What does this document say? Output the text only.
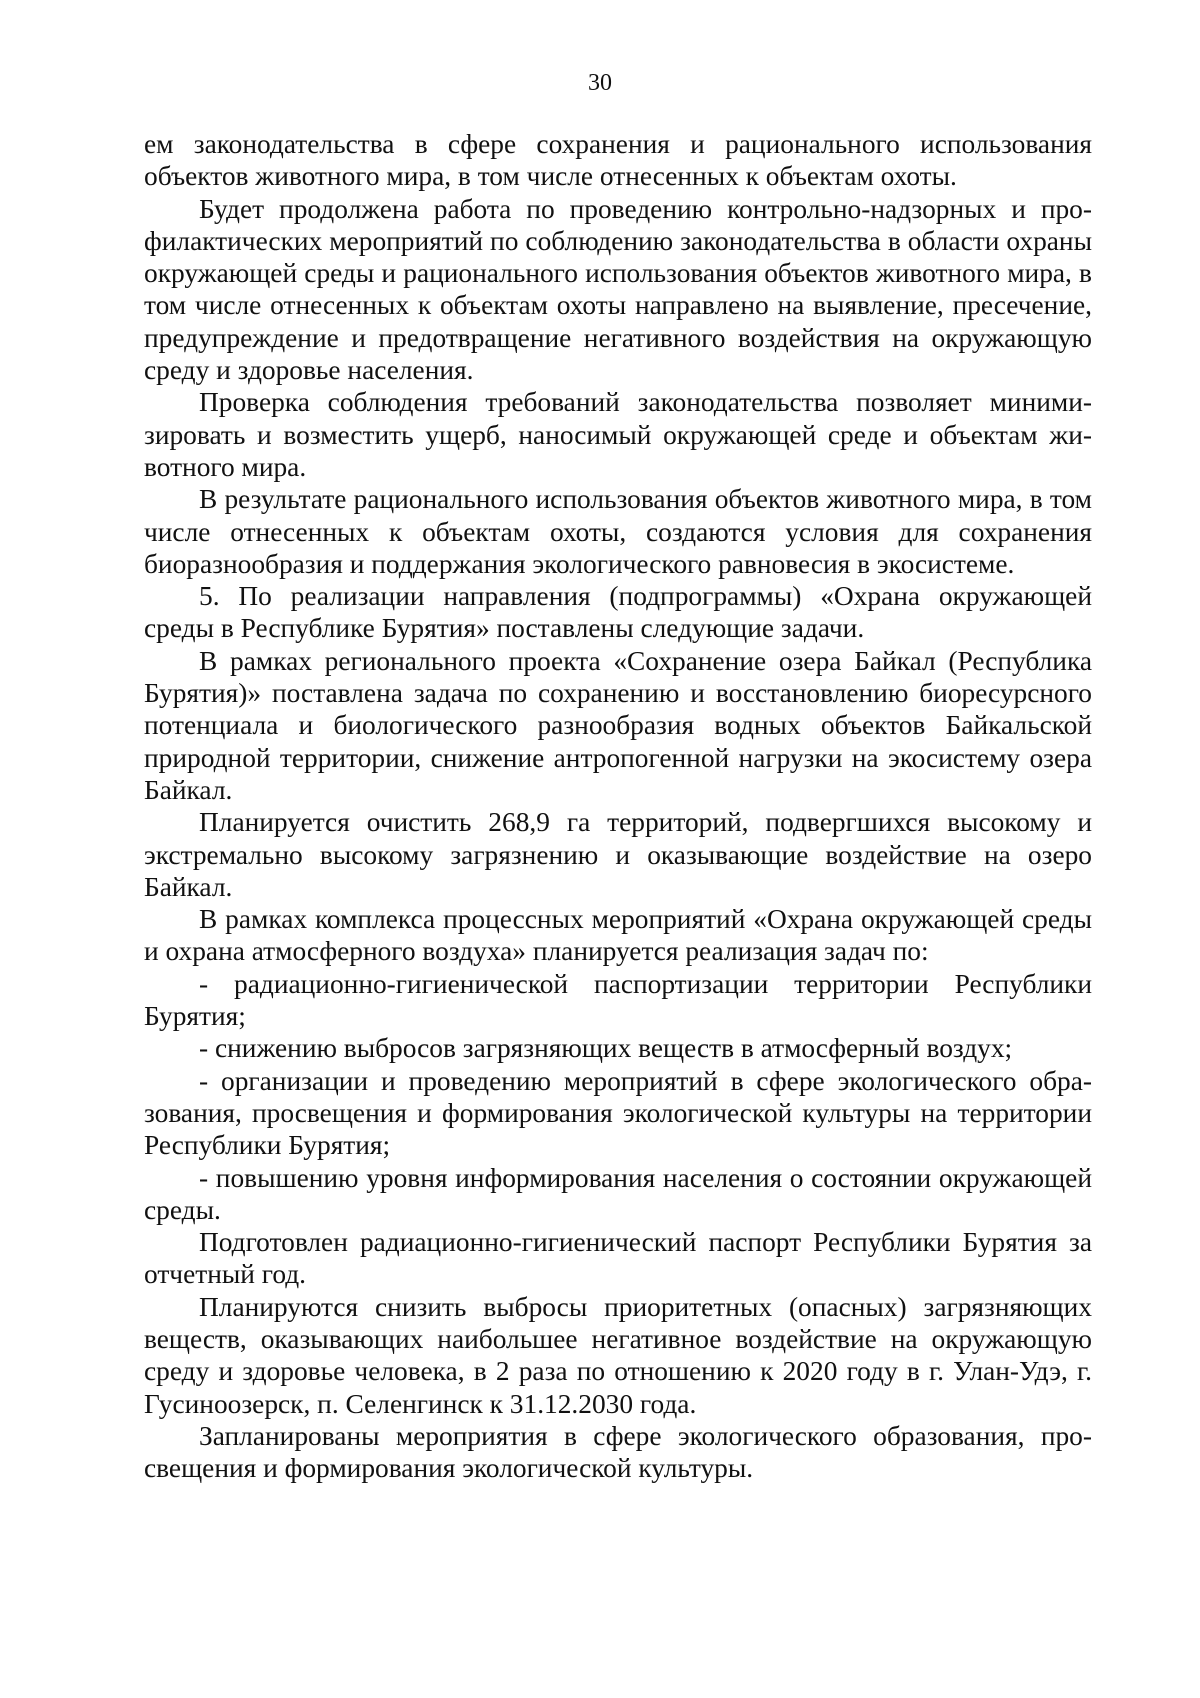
30

ем законодательства в сфере сохранения и рационального использования объектов животного мира, в том числе отнесенных к объектам охоты.

Будет продолжена работа по проведению контрольно-надзорных и профилактических мероприятий по соблюдению законодательства в области охраны окружающей среды и рационального использования объектов животного мира, в том числе отнесенных к объектам охоты направлено на выявление, пресечение, предупреждение и предотвращение негативного воздействия на окружающую среду и здоровье населения.

Проверка соблюдения требований законодательства позволяет минимизировать и возместить ущерб, наносимый окружающей среде и объектам животного мира.

В результате рационального использования объектов животного мира, в том числе отнесенных к объектам охоты, создаются условия для сохранения биоразнообразия и поддержания экологического равновесия в экосистеме.

5. По реализации направления (подпрограммы) «Охрана окружающей среды в Республике Бурятия» поставлены следующие задачи.

В рамках регионального проекта «Сохранение озера Байкал (Республика Бурятия)» поставлена задача по сохранению и восстановлению биоресурсного потенциала и биологического разнообразия водных объектов Байкальской природной территории, снижение антропогенной нагрузки на экосистему озера Байкал.

Планируется очистить 268,9 га территорий, подвергшихся высокому и экстремально высокому загрязнению и оказывающие воздействие на озеро Байкал.

В рамках комплекса процессных мероприятий «Охрана окружающей среды и охрана атмосферного воздуха» планируется реализация задач по:

- радиационно-гигиенической паспортизации территории Республики Бурятия;

- снижению выбросов загрязняющих веществ в атмосферный воздух;

- организации и проведению мероприятий в сфере экологического образования, просвещения и формирования экологической культуры на территории Республики Бурятия;

- повышению уровня информирования населения о состоянии окружающей среды.

Подготовлен радиационно-гигиенический паспорт Республики Бурятия за отчетный год.

Планируются снизить выбросы приоритетных (опасных) загрязняющих веществ, оказывающих наибольшее негативное воздействие на окружающую среду и здоровье человека, в 2 раза по отношению к 2020 году в г. Улан-Удэ, г. Гусиноозерск, п. Селенгинск к 31.12.2030 года.

Запланированы мероприятия в сфере экологического образования, просвещения и формирования экологической культуры.
